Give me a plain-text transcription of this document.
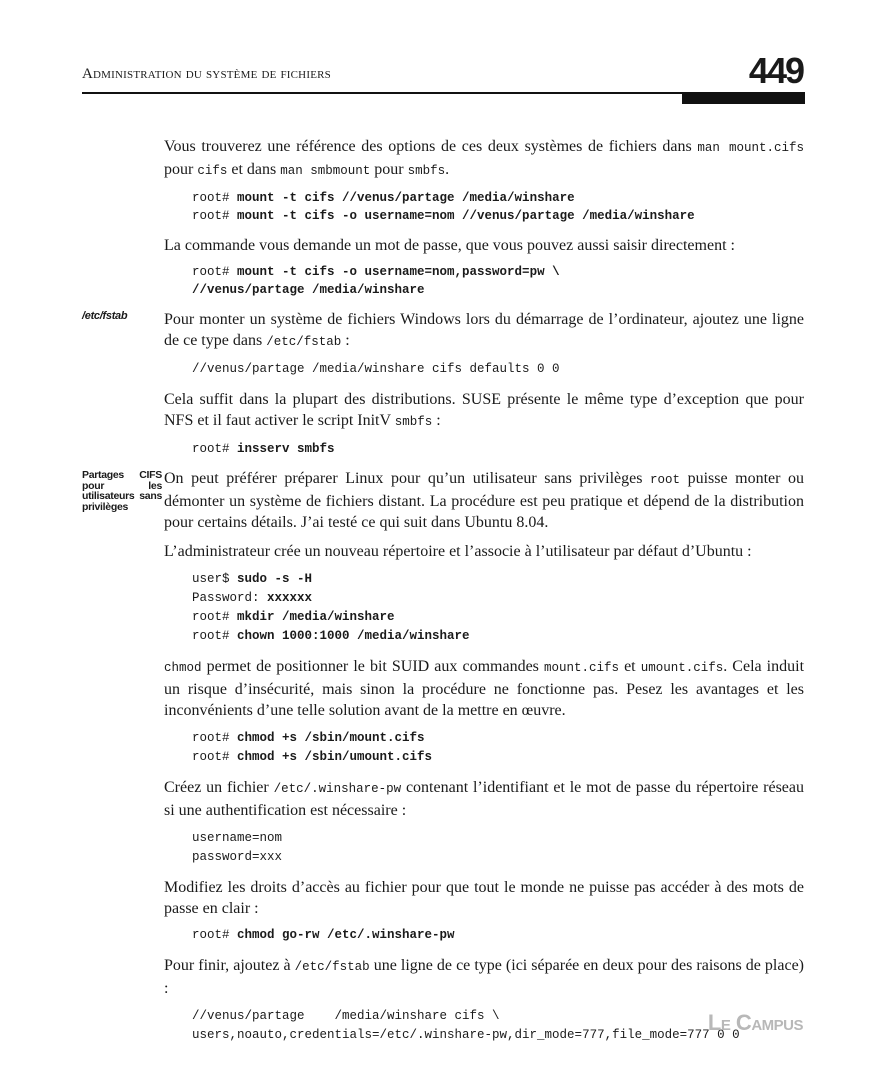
Administration du système de fichiers	449

Vous trouverez une référence des options de ces deux systèmes de fichiers dans man mount.cifs pour cifs et dans man smbmount pour smbfs.

root# mount -t cifs //venus/partage /media/winshare
root# mount -t cifs -o username=nom //venus/partage /media/winshare

La commande vous demande un mot de passe, que vous pouvez aussi saisir directement :

root# mount -t cifs -o username=nom,password=pw \
//venus/partage /media/winshare

/etc/fstab	Pour monter un système de fichiers Windows lors du démarrage de l’ordinateur, ajoutez une ligne de ce type dans /etc/fstab :

//venus/partage /media/winshare cifs defaults 0 0

Cela suffit dans la plupart des distributions. SUSE présente le même type d’exception que pour NFS et il faut activer le script InitV smbfs :

root# insserv smbfs

Partages CIFS pour les utilisateurs sans privilèges
On peut préférer préparer Linux pour qu’un utilisateur sans privilèges root puisse monter ou démonter un système de fichiers distant. La procédure est peu pratique et dépend de la distribution pour certains détails. J’ai testé ce qui suit dans Ubuntu 8.04.

L’administrateur crée un nouveau répertoire et l’associe à l’utilisateur par défaut d’Ubuntu :

user$ sudo -s -H
Password: xxxxxx
root# mkdir /media/winshare
root# chown 1000:1000 /media/winshare

chmod permet de positionner le bit SUID aux commandes mount.cifs et umount.cifs. Cela induit un risque d’insécurité, mais sinon la procédure ne fonctionne pas. Pesez les avantages et les inconvénients d’une telle solution avant de la mettre en œuvre.

root# chmod +s /sbin/mount.cifs
root# chmod +s /sbin/umount.cifs

Créez un fichier /etc/.winshare-pw contenant l’identifiant et le mot de passe du répertoire réseau si une authentification est nécessaire :

username=nom
password=xxx

Modifiez les droits d’accès au fichier pour que tout le monde ne puisse pas accéder à des mots de passe en clair :

root# chmod go-rw /etc/.winshare-pw

Pour finir, ajoutez à /etc/fstab une ligne de ce type (ici séparée en deux pour des raisons de place) :

//venus/partage    /media/winshare cifs \
users,noauto,credentials=/etc/.winshare-pw,dir_mode=777,file_mode=777 0 0
Le Campus
